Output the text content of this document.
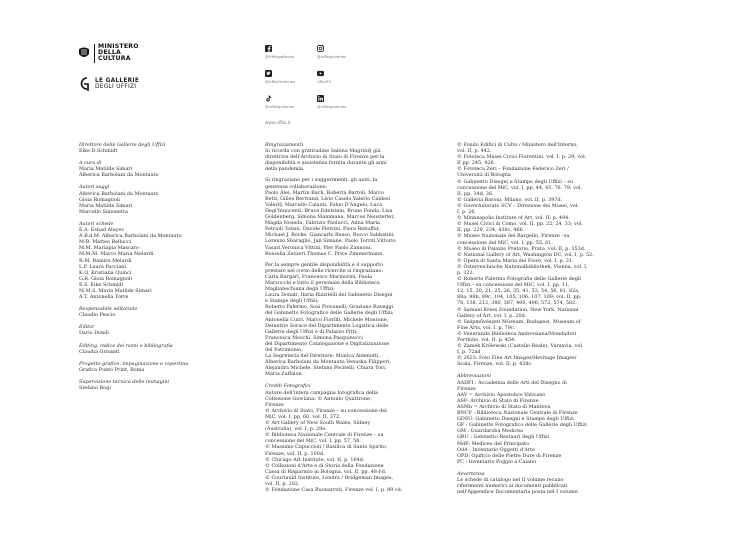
MINISTERO
DELLA
CULTURA
LE GALLERIE
DEGLI UFFIZI
@Uffizigalleries	@uffizigalleries
@UffiziGalleries	UffiziTV
@uffizigalleries	@uffizigalleries
www.uffizi.it
Direttore delle Gallerie degli Uffizi
Eike D.Schmidt
A cura di
Maria Matilde Simari
Alberica Barbolani da Montauto
Autori saggi
Alberica Barbolani da Montauto
Gioia Romagnoli
Maria Matilde Simari
Marcello Simonetta
Autori schede
E.A. Eshad Alayev
A.B.d.M. Alberica Barbolani da Montauto
M.B. Matteo Bellucci
M.M. Mariapia Mascaro
M.M.M. Marco Maria Melardi
R.M. Ramiro Melardi
L.P. Laura Pacciani
K.Q. Kristiana Quinci
G.R. Gioia Romagnoli
E.S. Eike Schmidt
M.M.S. Maria Matilde Simari
A.T. Antonella Torre
Responsabile editoriale
Claudio Pescio
Editor
Dario Dondi
Editing, indice dei nomi e bibliografia
Claudia Grisanti
Progetto grafico, impaginazione e copertina
Grafica Punto Print, Roma
Supervisione tecnica delle immagini
Stefano Rogi
Ringraziamenti
Si ricorda con gratitudine Sabina Magrini§ già
direttrice dell'Archivio di Stato di Firenze per la
disponibilità e assistenza fornita durante gli anni
della pandemia.
Si ringraziano per i suggerimenti, gli aiuti, la
generosa collaborazione:
Paolo Alei, Martin Bach, Roberta Bartoli, Marco
Betti, Gilles Bertrand, Livio Caselo,Valerio Caldesi
Valeri§, Marcello Calanti, Fabio D'Angelo, Luca
Degl'Innocenti, Bruce Edelstein, Bruno Fonda, Lisa
Goldenberg, Simona Mammana, Marcus Neustetter,
Magda Noseda, Fabrizio Paolucci, Anna Maria
Petrioli Tofani, Davide Pietrini, Piera Rebuffat,
Michael J. Rocke, Giancarlo Russo, Rocco Sabbatini,
Lorenzo Sbaraglio, Jan Simane, Paolo Torriti,Vittorio
Vasari,Veronica Vittini, Pier Paolo Zannoni,
Rossella Zezzeri,Thomas C. Price Zimmermann.
Per la sempre gentile disponibilità e il supporto
prestato nel corso delle ricerche si ringraziano:
Carla Bargari, Francesco Marmorini, Paola
Marzucchi e tutto il personale della Biblioteca
Magliabechiana degli Uffizi;
Laura Donati, Ilaria Rizzitelli del Gabinetto Disegni
e Stampe degli Uffizi;
Roberto Palermo, Sosi Piovanelli, Graziano Raveggi
del Gabinetto Fotografico delle Gallerie degli Uffizi;
Antonella Cutri, Marco Fiorilli, Michele Montone,
Demetrio Sorace del Dipartimento Logistica delle
Gallerie degli Uffizi e di Palazzo Pitti;
Francesca Moschi, Simona Pasquinucci
del Dipartimento Catalogazione e Digitalizzazione
del Patrimonio;
La Segreteria del Direttore: Monica Aldenotti,
Alberica Barbolani da Montauto,Venuska Filippori,
Alejandra Michele, Stefano Pecitelli, Chiara Tori,
Maria Zaffalon.
Crediti Fotografici
Autore dell'intera campagna fotografica della
Collezione Gioviana: © Antonio Quattrone,
Firenze
© Archivio di Stato, Firenze – su concessione del
MiC, vol. I, pp. 60, vol. II, 372.
© Art Gallery of New South Wales, Sidney
(Australia), vol. I, p. 28e.
© Biblioteca Nazionale Centrale di Firenze – su
concessione del MiC, vol. I, pp. 57, 58.
© Massimo Capuccioli / Basilica di Santo Spirito,
Firenze, vol. II, p. 100d.
© Chicago Art Institute, vol. II, p. 164d.
© Collezioni d'Arte e di Storia della Fondazione
Cassa di Risparmio in Bologna, vol. II, pp. 48-f-d.
© Courtauld Institute, Londra / Bridgeman Images,
vol. II, p. 182.
© Fondazione Casa Buonarroti, Firenze vol. I, p. 89 cd.
© Fondo Edifici di Culto / Ministero dell'Interno,
vol. II, p. 442.
© Fototeca Musei Civici Fiorentini, vol. I, p. 29; vol.
II pp. 245, 426.
© Fototeca Zeri – Fondazione Federico Zeri /
Università di Bologna
© Gabinetto Disegni e Stampe degli Uffizi – su
concessione del MiC, vol. I, pp. 44, 45, 76, 79; vol.
II, pp. 34d, 36.
© Galleria Baroni, Milano, vol. II, p. 397d.
© Governatorato SCV – Direzione dei Musei, vol.
I, p. 26.
© Minneapolis Institute of Art, vol. II, p. 494.
© Musei Civici di Como, vol. II, pp. 22, 24, 33; vol.
II, pp. 229, 234, 438c, 466.
© Museo Nazionale del Bargello, Firenze –su
concessione del MiC, vol. I, pp. 55, 61.
© Museo di Palazzo Pretorio, Prato, vol. II, p. 353d.
© National Gallery of Art, Washington DC, vol. I, p. 52.
© Opera di Santa Maria del Fiore, vol. I, p. 31.
© Österreichische Nationalbibliothek, Vienna, vol. I,
p. 322.
© Roberto Palermo Fotografie delle Gallerie degli
Uffizi – su concessione del MiC, vol. I, pp. 11,
12, 15, 20, 21, 25, 26, 35, 41, 53, 54, 56, 81, 82a,
88a, 88b, 89c, 104, 105, 106, 107, 109; vol. II, pp.
78, 138, 212, 380, 387, 400, 406, 572, 574, 582.
© Samuel Kress Foundation, New York, National
Gallery of Art, vol. I, p. 20d.
© Szépművészeti Múzeum, Budapest, Museum of
Fine Arts, vol. I, p. 79c.
© Veneranda Biblioteca Ambrosiana/Mondadori
Portfolio, vol. II, p. 454.
© Zamek Królewski (Castello Reale), Varsavia, vol.
I, p. 72ad
© 2023. Foto Fine Art Images/Heritage Images/
Scala, Firenze, vol. II, p. 438c.
Abbreviazioni
AADFI : Accademia delle Arti del Disegno di
Firenze
AAV = Archivio Apostolico Vaticano
ASF: Archivio di Stato di Firenze
ASMn = Archivio di Stato di Mantova
BNCF : Biblioteca Nazionale Centrale di Firenze
GDSU: Gabinetto Disegni e Stampe degli Uffizi
GF : Gabinetto Fotografico delle Gallerie degli Uffizi
GM : Guardaroba Medicea
GRU : Gabinetto Restauri degli Uffizi
MdP: Mediceo del Principato
OdA : Inventario Oggetti d'Arte
OPD: Opificio delle Pietre Dure di Firenze
PC : Inventario Poggio a Caiano
Avvertenza
Le schede di catalogo nel II volume recano
riferimenti numerici ai documenti pubblicati
nell'Appendice Documentaria posta nel I volume.
